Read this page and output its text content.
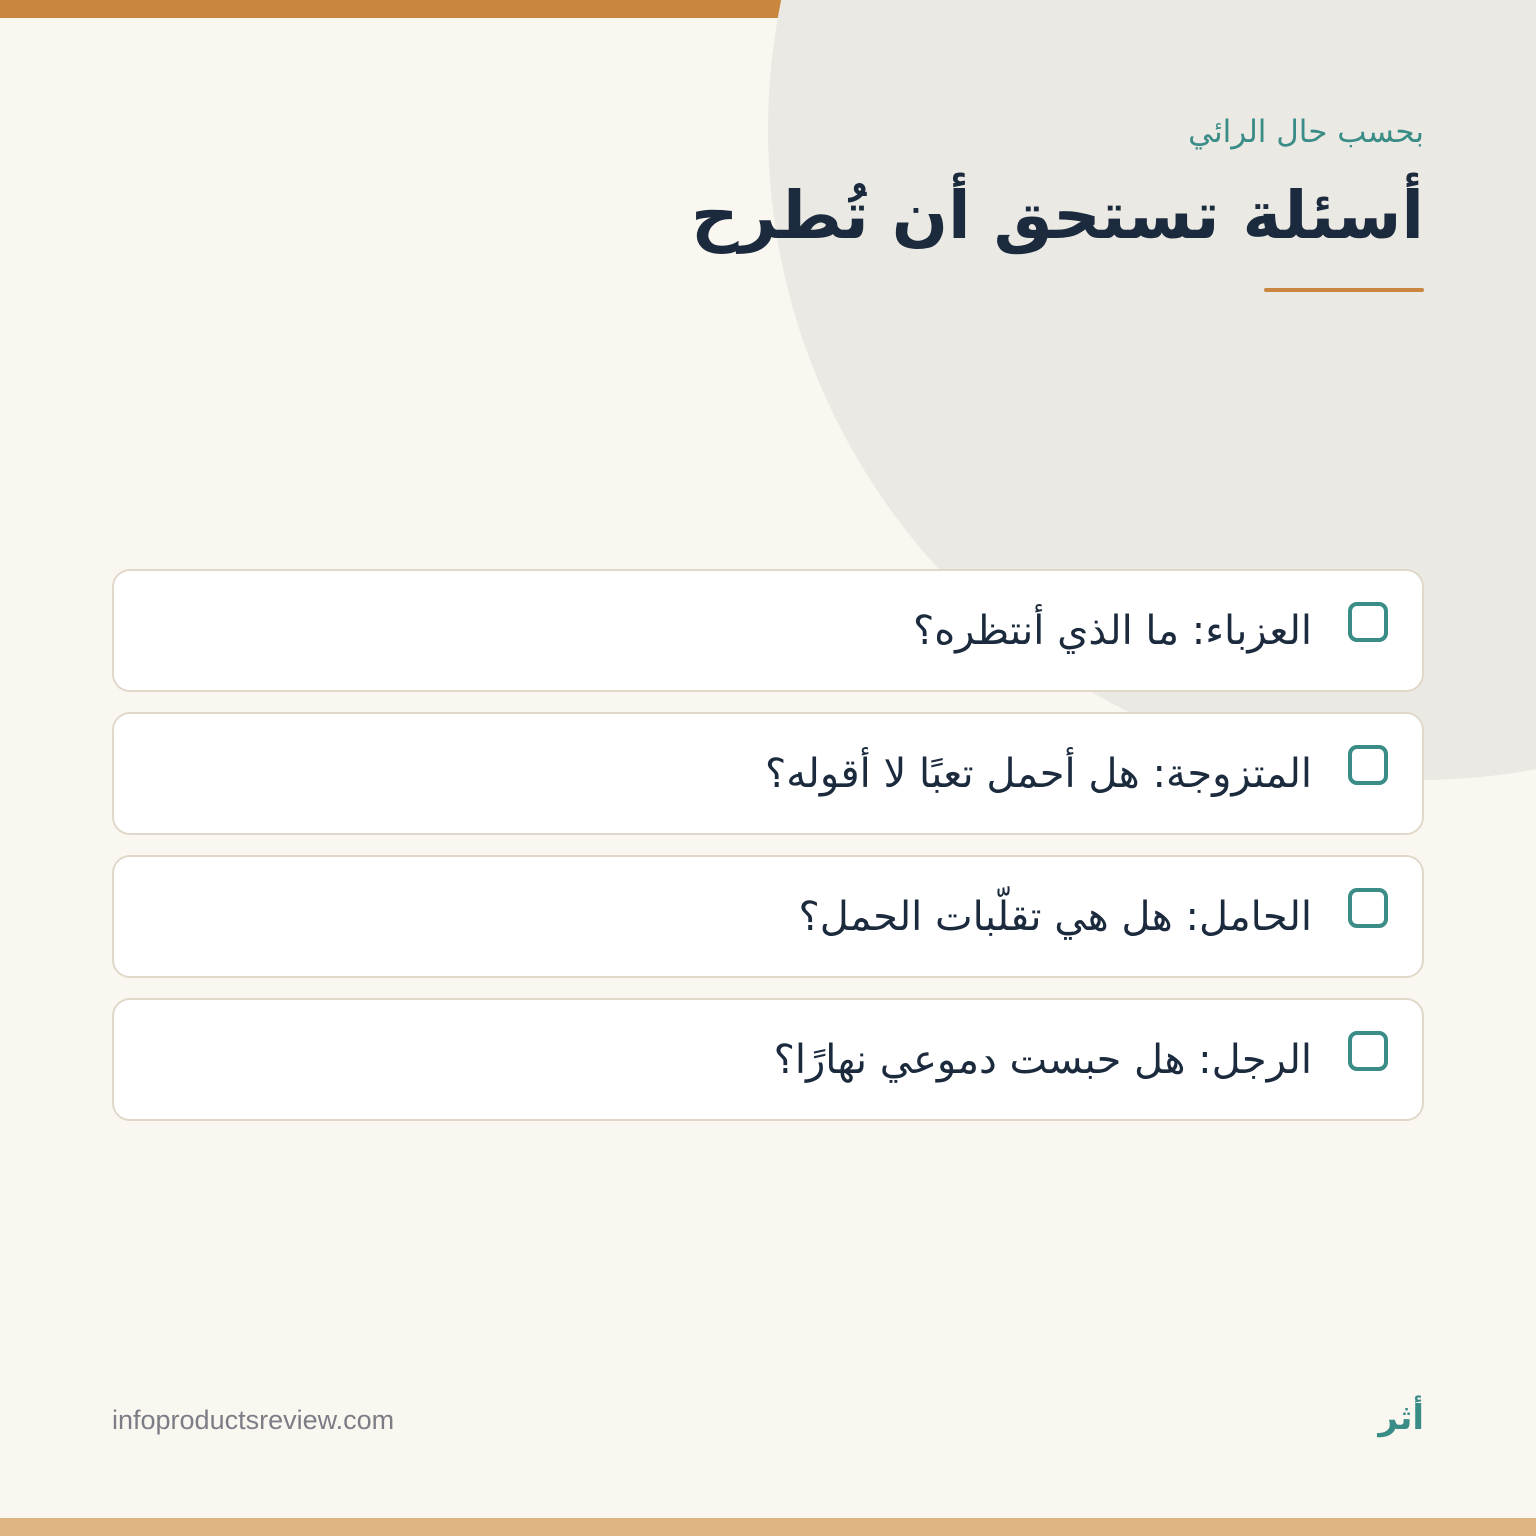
بحسب حال الرائي
أسئلة تستحق أن تُطرح
العزباء: ما الذي أنتظره؟
المتزوجة: هل أحمل تعبًا لا أقوله؟
الحامل: هل هي تقلّبات الحمل؟
الرجل: هل حبست دموعي نهارًا؟
infoproductsreview.com	أثر
